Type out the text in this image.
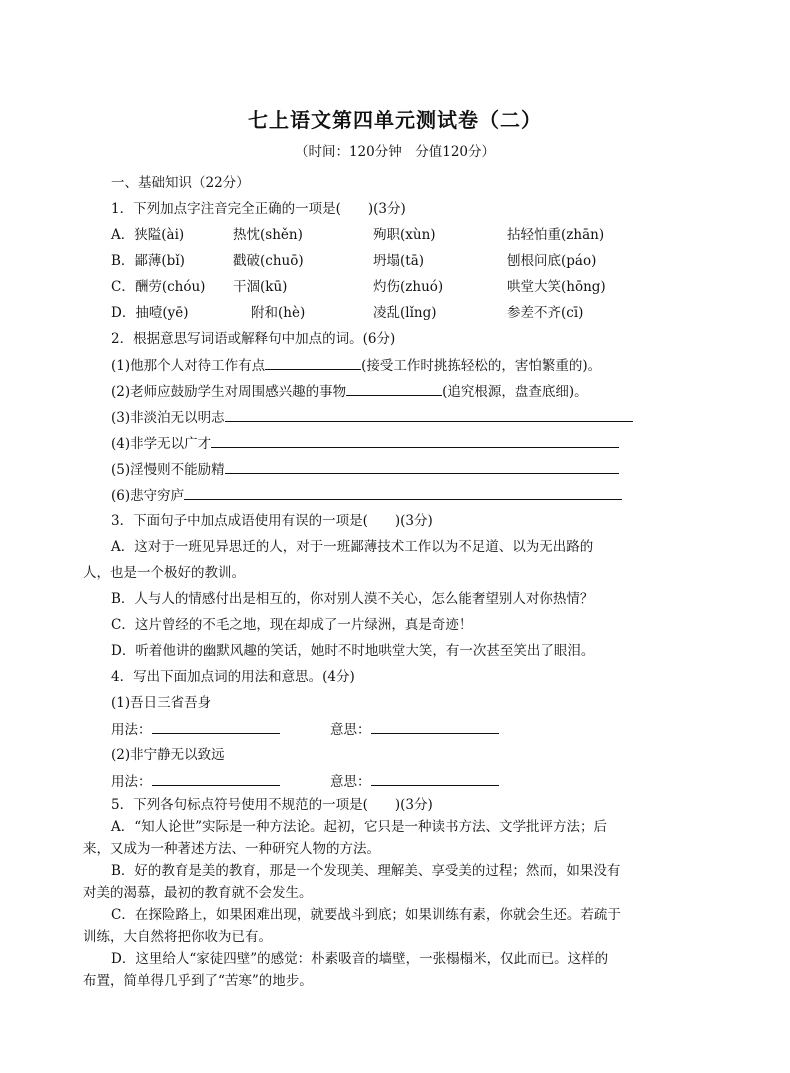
七上语文第四单元测试卷（二）
（时间：120分钟　分值120分）
一、基础知识（22分）
1．下列加点字注音完全正确的一项是(　　)(3分)
A．狭隘(ài)	热忱(shěn)	殉职(xùn)	拈轻怕重(zhān)
B．鄙薄(bǐ)	戳破(chuō)	坍塌(tā)	刨根问底(páo)
C．酬劳(chóu) 干涸(kū)	灼伤(zhuó)	哄堂大笑(hōng)
D．抽噎(yē)	附和(hè)	凌乱(lǐng)	参差不齐(cī)
2．根据意思写词语或解释句中加点的词。(6分)
(1)他那个人对待工作有点	(接受工作时挑拣轻松的，害怕繁重的)。
(2)老师应鼓励学生对周围感兴趣的事物	(追究根源，盘查底细)。
(3)非淡泊无以明志
(4)非学无以广才
(5)淫慢则不能励精
(6)悲守穷庐
3．下面句子中加点成语使用有误的一项是(　　)(3分)
A．这对于一班见异思迁的人，对于一班鄙薄技术工作以为不足道、以为无出路的
人，也是一个极好的教训。
B．人与人的情感付出是相互的，你对别人漠不关心，怎么能奢望别人对你热情？
C．这片曾经的不毛之地，现在却成了一片绿洲，真是奇迹！
D．听着他讲的幽默风趣的笑话，她时不时地哄堂大笑，有一次甚至笑出了眼泪。
4．写出下面加点词的用法和意思。(4分)
(1)吾日三省吾身
用法：	意思：
(2)非宁静无以致远
用法：	意思：
5．下列各句标点符号使用不规范的一项是(　　)(3分)
A．“知人论世”实际是一种方法论。起初，它只是一种读书方法、文学批评方法；后
来，又成为一种著述方法、一种研究人物的方法。
B．好的教育是美的教育，那是一个发现美、理解美、享受美的过程；然而，如果没有
对美的渴慕，最初的教育就不会发生。
C．在探险路上，如果困难出现，就要战斗到底；如果训练有素，你就会生还。若疏于
训练，大自然将把你收为已有。
D．这里给人“家徒四壁”的感觉：朴素吸音的墙壁，一张榻榻米，仅此而已。这样的
布置，简单得几乎到了“苦寒”的地步。
